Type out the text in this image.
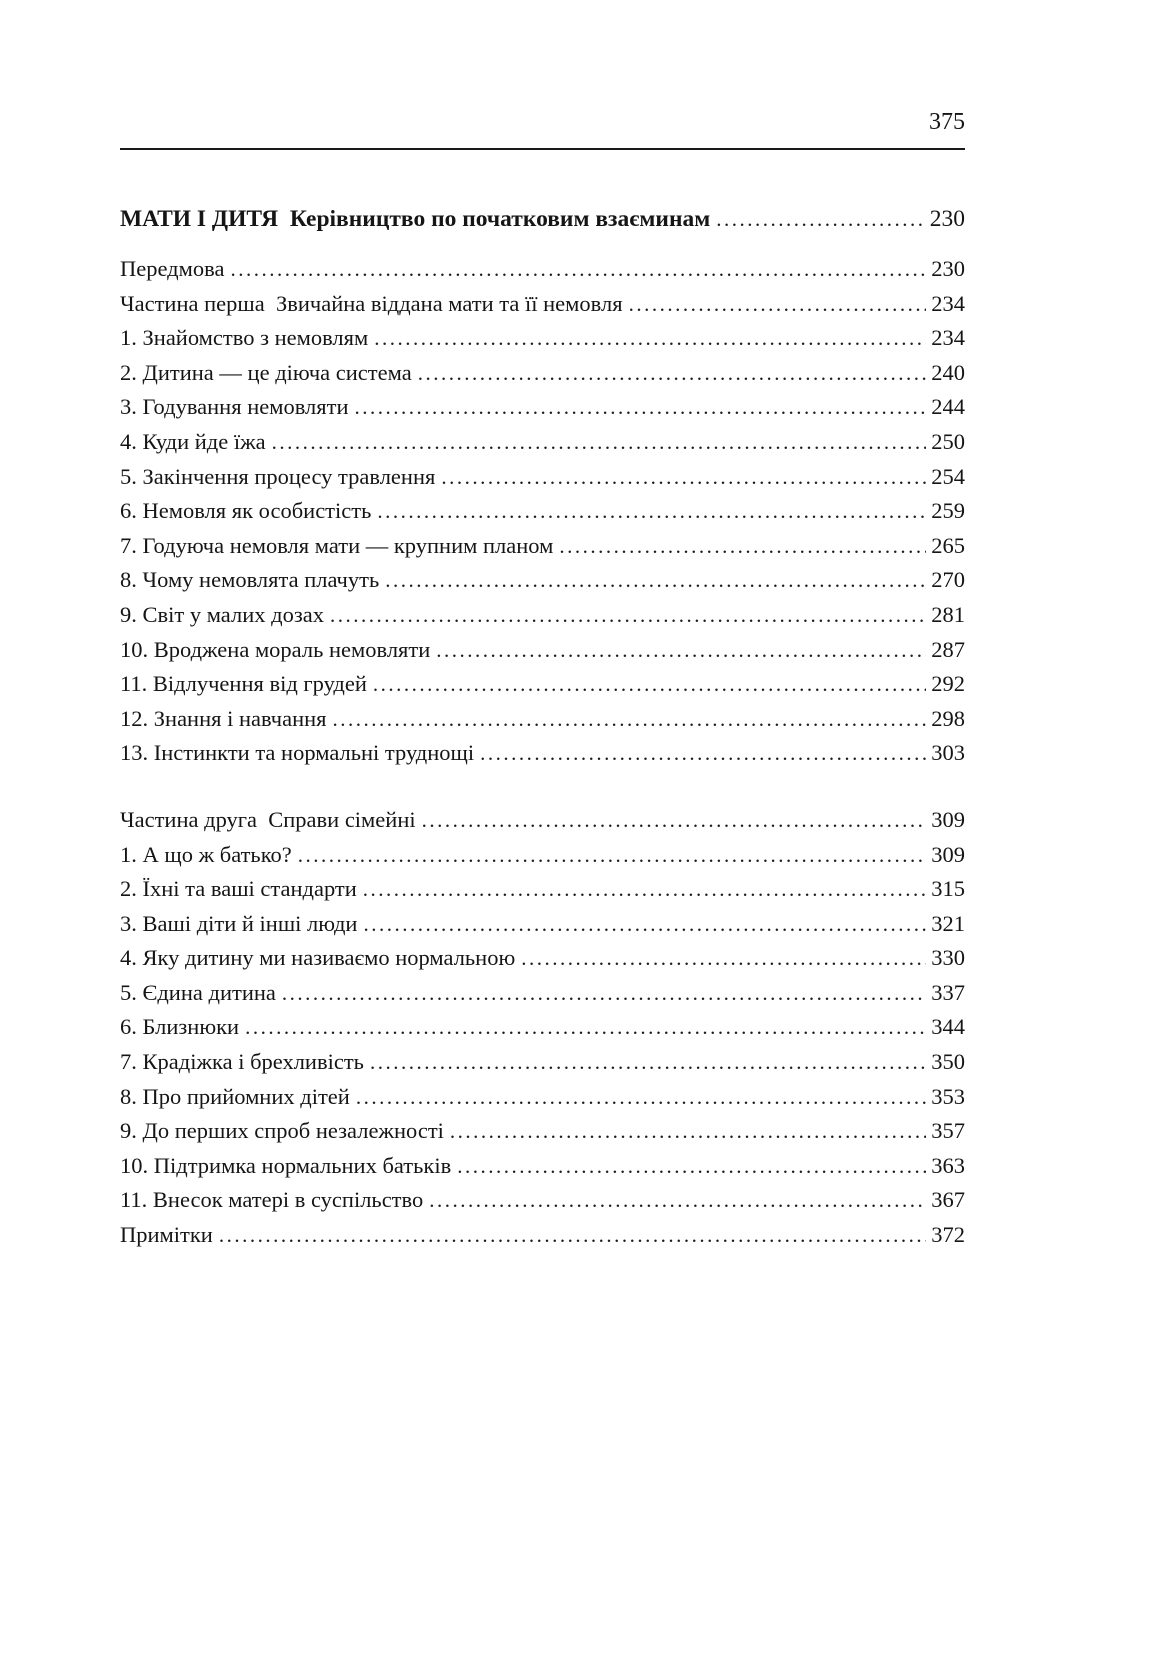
375
МАТИ І ДИТЯ  Керівництво по початковим взаєминам .....	230
Передмова .....	230
Частина перша  Звичайна віддана мати та її немовля .....	234
1. Знайомство з немовлям .....	234
2. Дитина — це діюча система .....	240
3. Годування немовляти .....	244
4. Куди йде їжа .....	250
5. Закінчення процесу травлення .....	254
6. Немовля як особистість .....	259
7. Годуюча немовля мати — крупним планом .....	265
8. Чому немовлята плачуть .....	270
9. Світ у малих дозах .....	281
10. Вроджена мораль немовляти .....	287
11. Відлучення від грудей .....	292
12. Знання і навчання .....	298
13. Інстинкти та нормальні труднощі .....	303
Частина друга  Справи сімейні .....	309
1. А що ж батько? .....	309
2. Їхні та ваші стандарти .....	315
3. Ваші діти й інші люди .....	321
4. Яку дитину ми називаємо нормальною .....	330
5. Єдина дитина .....	337
6. Близнюки .....	344
7. Крадіжка і брехливість .....	350
8. Про прийомних дітей .....	353
9. До перших спроб незалежності .....	357
10. Підтримка нормальних батьків .....	363
11. Внесок матері в суспільство .....	367
Примітки .....	372
